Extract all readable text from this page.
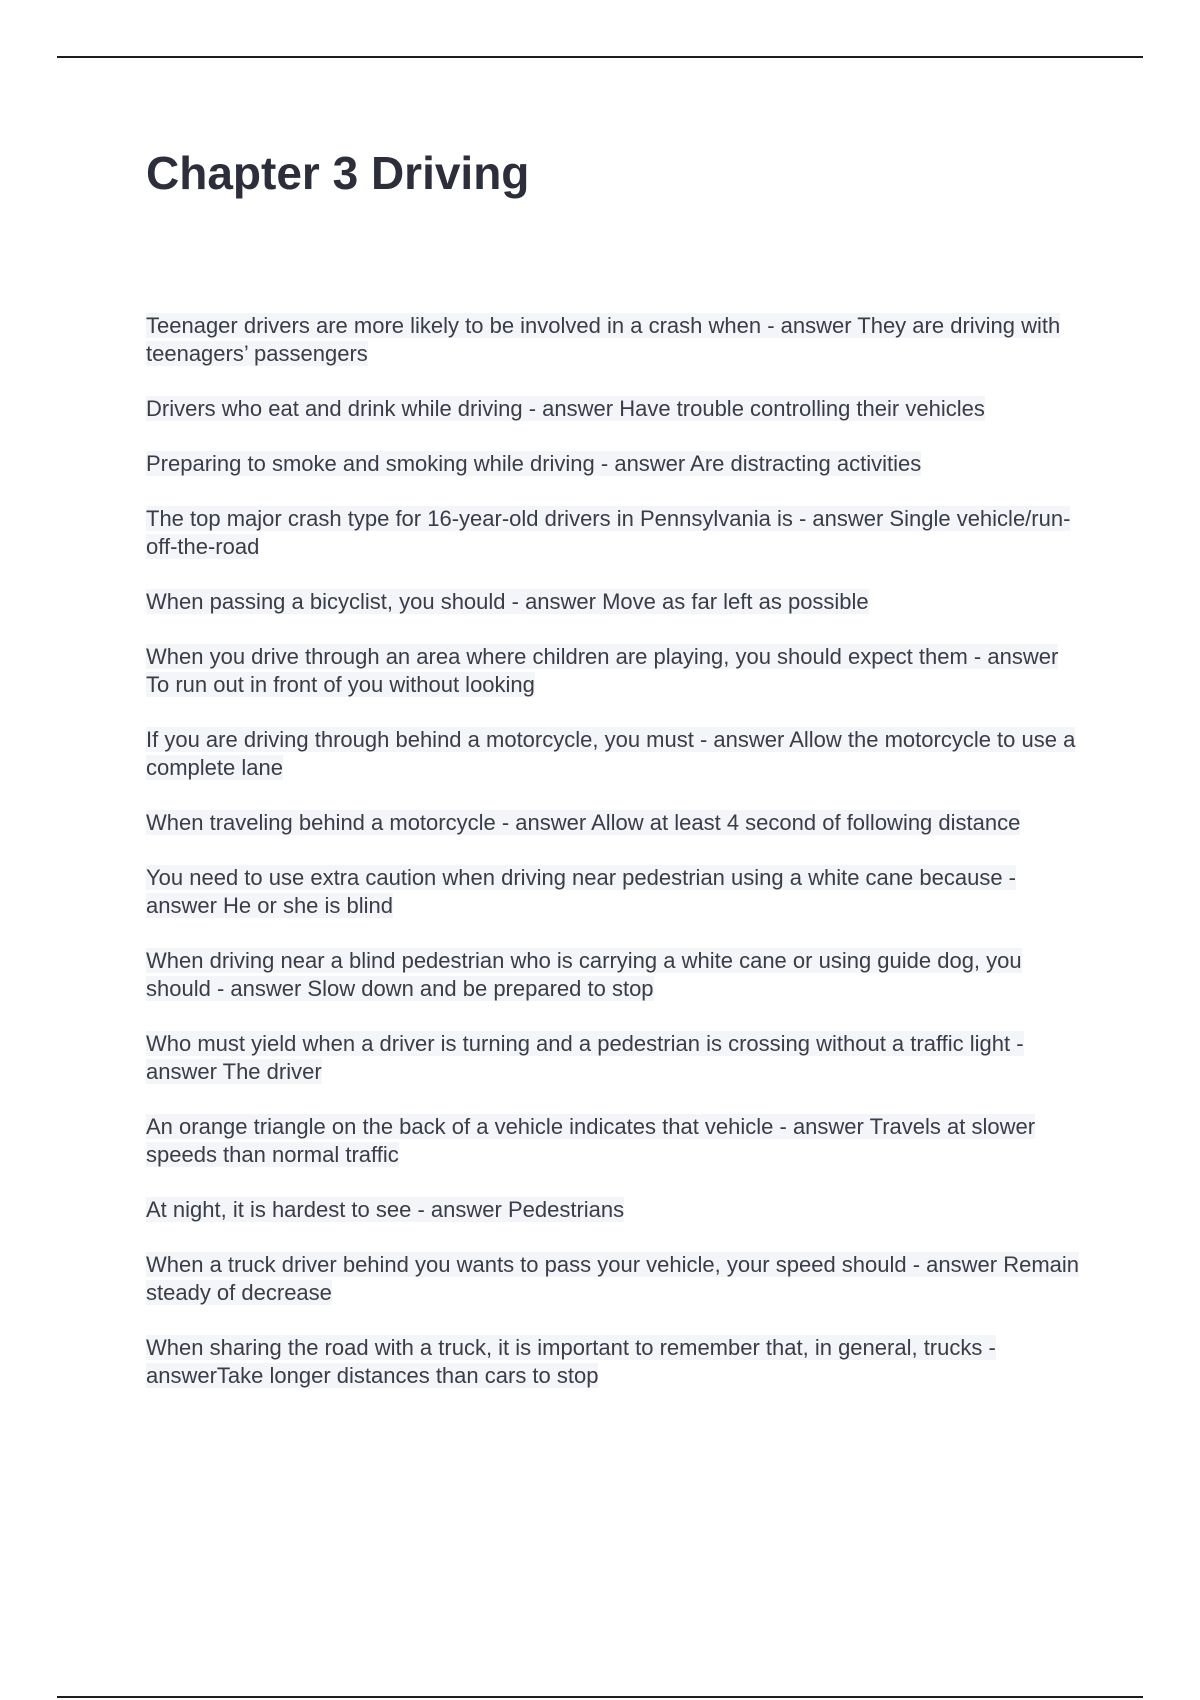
Chapter 3 Driving

Teenager drivers are more likely to be involved in a crash when - answer They are driving with teenagers’ passengers

Drivers who eat and drink while driving - answer Have trouble controlling their vehicles

Preparing to smoke and smoking while driving - answer Are distracting activities

The top major crash type for 16-year-old drivers in Pennsylvania is - answer Single vehicle/run-off-the-road

When passing a bicyclist, you should - answer Move as far left as possible

When you drive through an area where children are playing, you should expect them - answer To run out in front of you without looking

If you are driving through behind a motorcycle, you must - answer Allow the motorcycle to use a complete lane

When traveling behind a motorcycle - answer Allow at least 4 second of following distance

You need to use extra caution when driving near pedestrian using a white cane because - answer He or she is blind

When driving near a blind pedestrian who is carrying a white cane or using guide dog, you should - answer Slow down and be prepared to stop

Who must yield when a driver is turning and a pedestrian is crossing without a traffic light - answer The driver

An orange triangle on the back of a vehicle indicates that vehicle - answer Travels at slower speeds than normal traffic

At night, it is hardest to see - answer Pedestrians

When a truck driver behind you wants to pass your vehicle, your speed should - answer Remain steady of decrease

When sharing the road with a truck, it is important to remember that, in general, trucks - answerTake longer distances than cars to stop
